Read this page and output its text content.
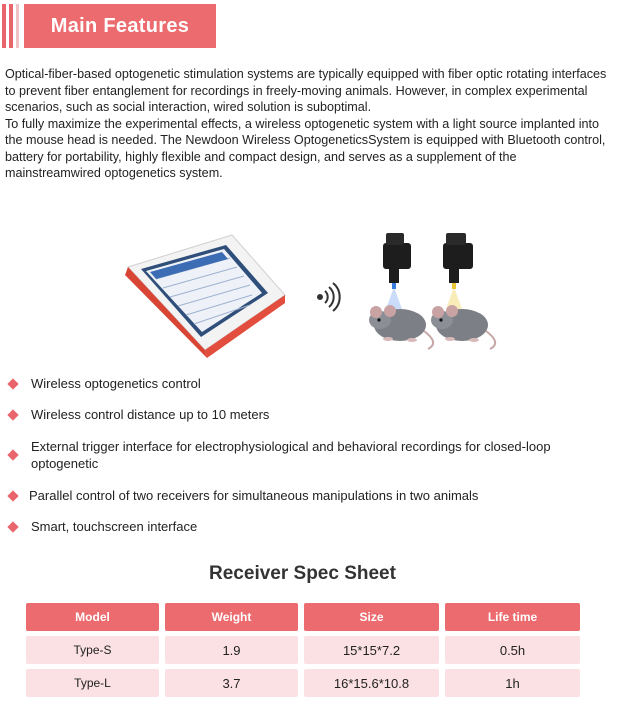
Main Features

Optical-fiber-based optogenetic stimulation systems are typically equipped with fiber optic rotating interfaces to prevent fiber entanglement for recordings in freely-moving animals. However, in complex experimental scenarios, such as social interaction, wired solution is suboptimal.

To fully maximize the experimental effects, a wireless optogenetic system with a light source implanted into the mouse head is needed. The Newdoon Wireless OptogeneticsSystem is equipped with Bluetooth control, battery for portability, highly flexible and compact design, and serves as a supplement of the mainstreamwired optogenetics system.

Wireless optogenetics control
Wireless control distance up to 10 meters
External trigger interface for electrophysiological and behavioral recordings for closed-loop optogenetic
Parallel control of two receivers for simultaneous manipulations in two animals
Smart, touchscreen interface
Receiver Spec Sheet
Model	Weight	Size	Life time
Type-S	1.9	15*15*7.2	0.5h
Type-L	3.7	16*15.6*10.8	1h
